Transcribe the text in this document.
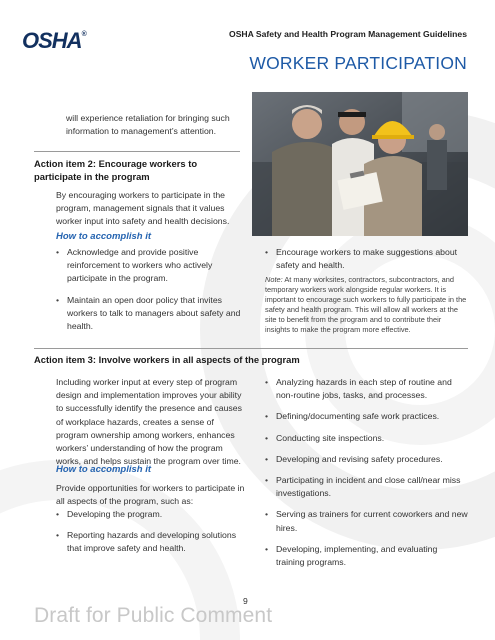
OSHA®	OSHA Safety and Health Program Management Guidelines
WORKER PARTICIPATION

will experience retaliation for bringing such information to management’s attention.

Action item 2: Encourage workers to participate in the program

By encouraging workers to participate in the program, management signals that it values worker input into safety and health decisions.

How to accomplish it
• Acknowledge and provide positive reinforcement to workers who actively participate in the program.
• Maintain an open door policy that invites workers to talk to managers about safety and health.
• Encourage workers to make suggestions about safety and health.

Note: At many worksites, contractors, subcontractors, and temporary workers work alongside regular workers. It is important to encourage such workers to fully participate in the safety and health program. This will allow all workers at the site to benefit from the program and to contribute their insights to make the program more effective.

Action item 3: Involve workers in all aspects of the program

Including worker input at every step of program design and implementation improves your ability to successfully identify the presence and causes of workplace hazards, creates a sense of program ownership among workers, enhances workers’ understanding of how the program works, and helps sustain the program over time.

How to accomplish it

Provide opportunities for workers to participate in all aspects of the program, such as:

• Developing the program.
• Reporting hazards and developing solutions that improve safety and health.
• Analyzing hazards in each step of routine and non-routine jobs, tasks, and processes.
• Defining/documenting safe work practices.
• Conducting site inspections.
• Developing and revising safety procedures.
• Participating in incident and close call/near miss investigations.
• Serving as trainers for current coworkers and new hires.
• Developing, implementing, and evaluating training programs.
9
Draft for Public Comment
